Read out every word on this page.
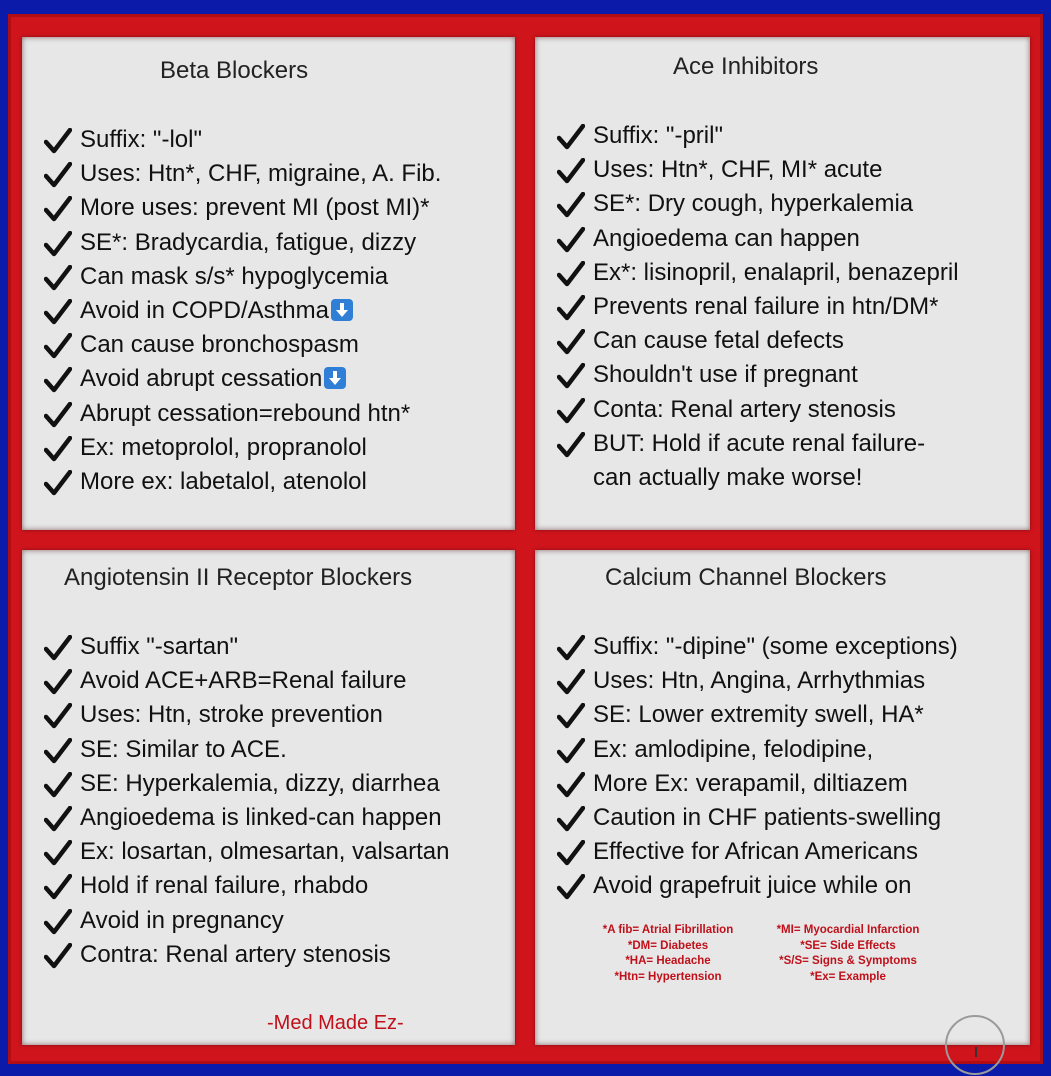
Beta Blockers
Suffix: "-lol"
Uses: Htn*, CHF, migraine, A. Fib.
More uses: prevent MI (post MI)*
SE*: Bradycardia, fatigue, dizzy
Can mask s/s* hypoglycemia
Avoid in COPD/Asthma
Can cause bronchospasm
Avoid abrupt cessation
Abrupt cessation=rebound htn*
Ex: metoprolol, propranolol
More ex: labetalol, atenolol
Ace Inhibitors
Suffix: "-pril"
Uses: Htn*, CHF, MI* acute
SE*: Dry cough, hyperkalemia
Angioedema can happen
Ex*: lisinopril, enalapril, benazepril
Prevents renal failure in htn/DM*
Can cause fetal defects
Shouldn't use if pregnant
Conta: Renal artery stenosis
BUT: Hold if acute renal failure-
can actually make worse!
Angiotensin II Receptor Blockers
Suffix "-sartan"
Avoid ACE+ARB=Renal failure
Uses: Htn, stroke prevention
SE: Similar to ACE.
SE: Hyperkalemia, dizzy, diarrhea
Angioedema is linked-can happen
Ex: losartan, olmesartan, valsartan
Hold if renal failure, rhabdo
Avoid in pregnancy
Contra: Renal artery stenosis
-Med Made Ez-
Calcium Channel Blockers
Suffix: "-dipine" (some exceptions)
Uses: Htn, Angina, Arrhythmias
SE: Lower extremity swell, HA*
Ex: amlodipine, felodipine,
More Ex: verapamil, diltiazem
Caution in CHF patients-swelling
Effective for African Americans
Avoid grapefruit juice while on
*A fib= Atrial Fibrillation
*DM= Diabetes
*HA= Headache
*Htn= Hypertension
*MI= Myocardial Infarction
*SE= Side Effects
*S/S= Signs & Symptoms
*Ex= Example
